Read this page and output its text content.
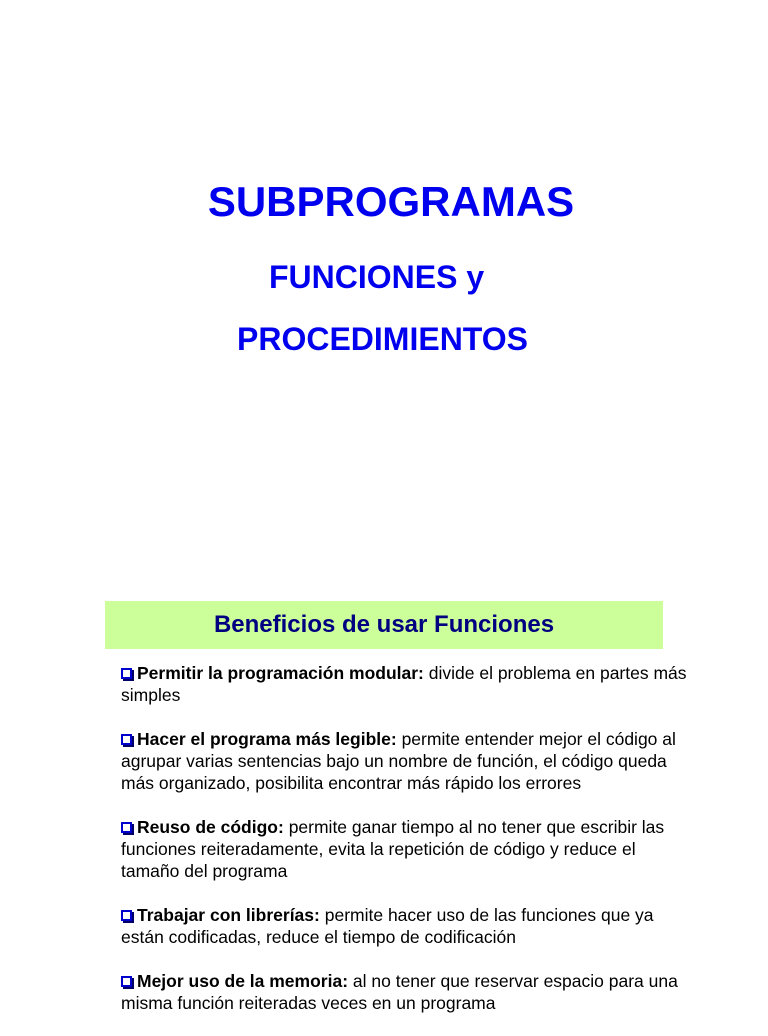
SUBPROGRAMAS
FUNCIONES y
PROCEDIMIENTOS
Beneficios de usar Funciones
Permitir la programación modular: divide el problema en partes más simples
Hacer el programa más legible: permite entender mejor el código al agrupar varias sentencias bajo un nombre de función, el código queda más organizado, posibilita encontrar más rápido los errores
Reuso de código: permite ganar tiempo al no tener que escribir las funciones reiteradamente, evita la repetición de código y reduce el tamaño del programa
Trabajar con librerías: permite hacer uso de las funciones que ya están codificadas, reduce el tiempo de codificación
Mejor uso de la memoria: al no tener que reservar espacio para una misma función reiteradas veces en un programa
